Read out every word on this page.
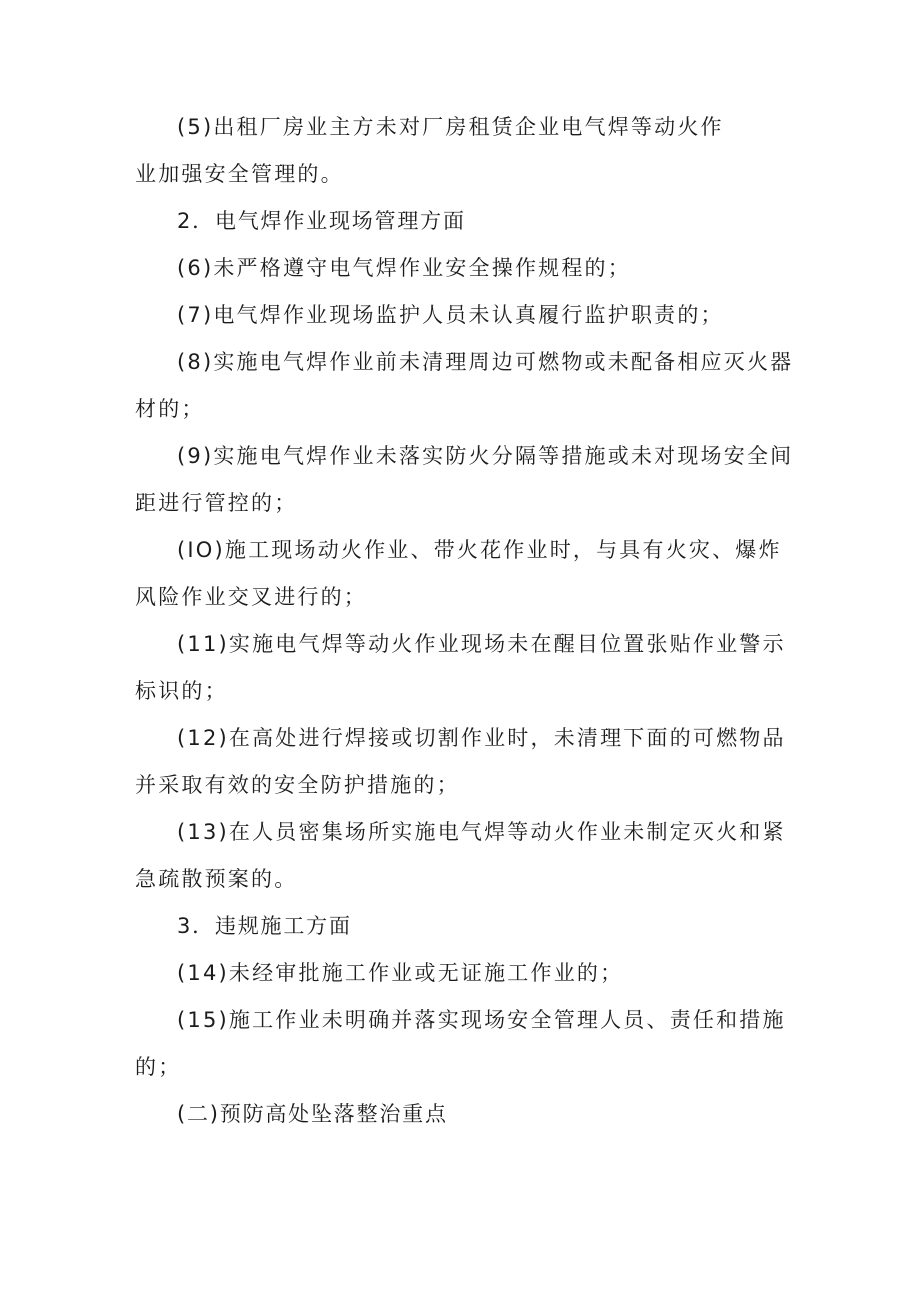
(5)出租厂房业主方未对厂房租赁企业电气焊等动火作业加强安全管理的。

2．电气焊作业现场管理方面

(6)未严格遵守电气焊作业安全操作规程的；

(7)电气焊作业现场监护人员未认真履行监护职责的；

(8)实施电气焊作业前未清理周边可燃物或未配备相应灭火器材的；

(9)实施电气焊作业未落实防火分隔等措施或未对现场安全间距进行管控的；

(IO)施工现场动火作业、带火花作业时，与具有火灾、爆炸风险作业交叉进行的；

(11)实施电气焊等动火作业现场未在醒目位置张贴作业警示标识的；

(12)在高处进行焊接或切割作业时，未清理下面的可燃物品并采取有效的安全防护措施的；

(13)在人员密集场所实施电气焊等动火作业未制定灭火和紧急疏散预案的。

3．违规施工方面

(14)未经审批施工作业或无证施工作业的；

(15)施工作业未明确并落实现场安全管理人员、责任和措施的；

(二)预防高处坠落整治重点
